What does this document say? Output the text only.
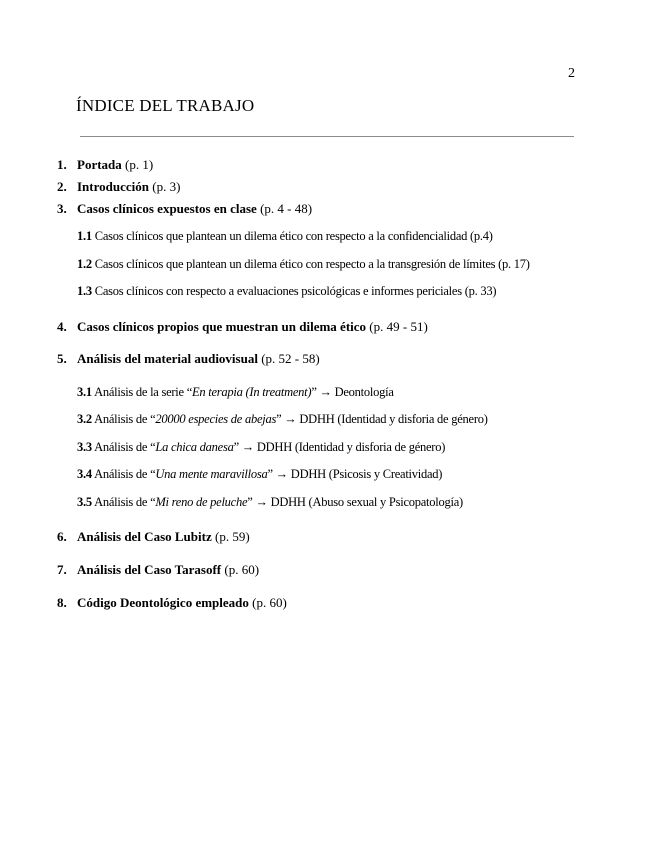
2
ÍNDICE DEL TRABAJO
1. Portada (p. 1)
2. Introducción (p. 3)
3. Casos clínicos expuestos en clase (p. 4 - 48)
1.1 Casos clínicos que plantean un dilema ético con respecto a la confidencialidad (p.4)
1.2 Casos clínicos que plantean un dilema ético con respecto a la transgresión de límites (p. 17)
1.3 Casos clínicos con respecto a evaluaciones psicológicas e informes periciales (p. 33)
4. Casos clínicos propios que muestran un dilema ético (p. 49 - 51)
5. Análisis del material audiovisual (p. 52 - 58)
3.1 Análisis de la serie “En terapia (In treatment)” → Deontología
3.2 Análisis de “20000 especies de abejas” → DDHH (Identidad y disforia de género)
3.3 Análisis de “La chica danesa” → DDHH (Identidad y disforia de género)
3.4 Análisis de “Una mente maravillosa” → DDHH (Psicosis y Creatividad)
3.5 Análisis de “Mi reno de peluche” → DDHH (Abuso sexual y Psicopatología)
6. Análisis del Caso Lubitz (p. 59)
7. Análisis del Caso Tarasoff (p. 60)
8. Código Deontológico empleado (p. 60)
